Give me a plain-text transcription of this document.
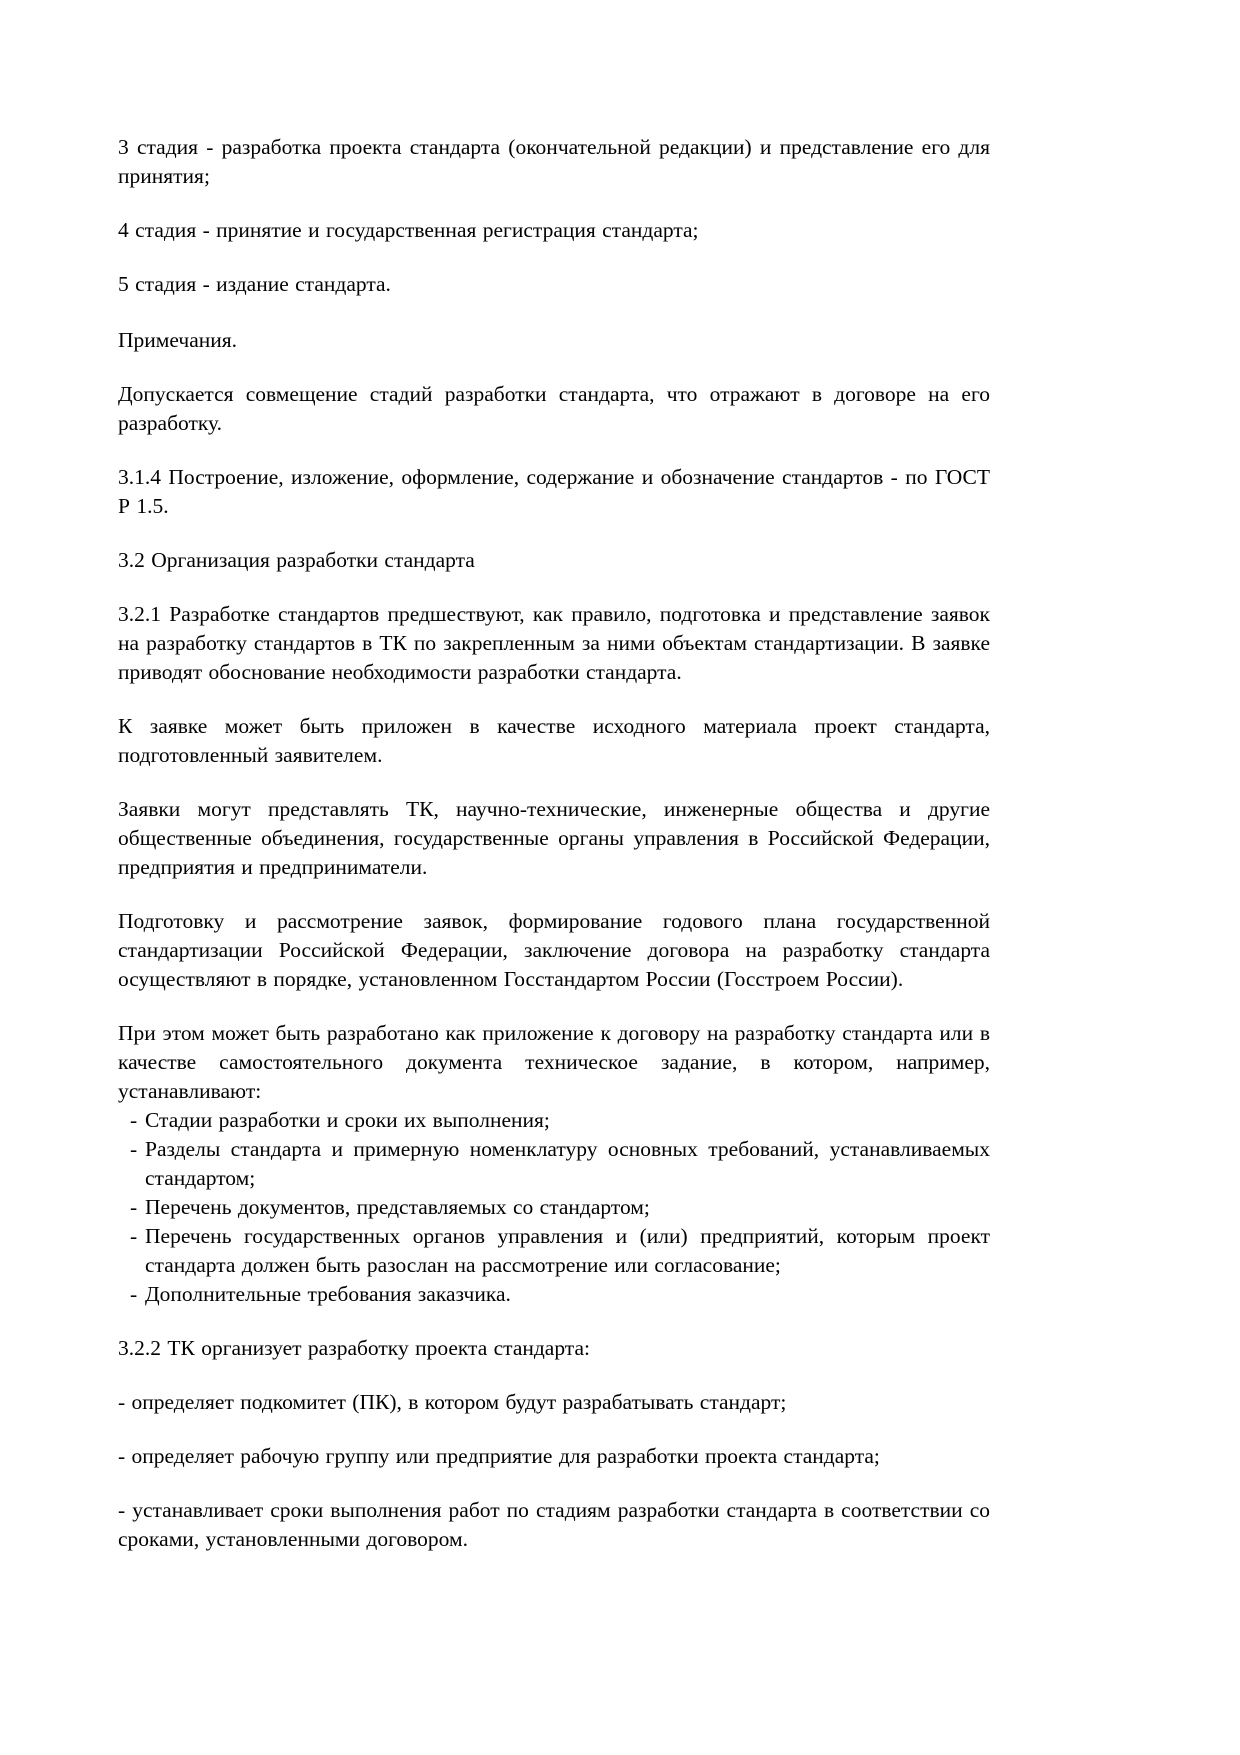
3 стадия - разработка проекта стандарта (окончательной редакции) и представление его для принятия;

4 стадия - принятие и государственная регистрация стандарта;

5 стадия - издание стандарта.

Примечания.

Допускается совмещение стадий разработки стандарта, что отражают в договоре на его разработку.

3.1.4 Построение, изложение, оформление, содержание и обозначение стандартов - по ГОСТ Р 1.5.

3.2 Организация разработки стандарта

3.2.1 Разработке стандартов предшествуют, как правило, подготовка и представление заявок на разработку стандартов в ТК по закрепленным за ними объектам стандартизации. В заявке приводят обоснование необходимости разработки стандарта.

К заявке может быть приложен в качестве исходного материала проект стандарта, подготовленный заявителем.

Заявки могут представлять ТК, научно-технические, инженерные общества и другие общественные объединения, государственные органы управления в Российской Федерации, предприятия и предприниматели.

Подготовку и рассмотрение заявок, формирование годового плана государственной стандартизации Российской Федерации, заключение договора на разработку стандарта осуществляют в порядке, установленном Госстандартом России (Госстроем России).

При этом может быть разработано как приложение к договору на разработку стандарта или в качестве самостоятельного документа техническое задание, в котором, например, устанавливают:

- Стадии разработки и сроки их выполнения;
- Разделы стандарта и примерную номенклатуру основных требований, устанавливаемых стандартом;
- Перечень документов, представляемых со стандартом;
- Перечень государственных органов управления и (или) предприятий, которым проект стандарта должен быть разослан на рассмотрение или согласование;
- Дополнительные требования заказчика.

3.2.2 ТК организует разработку проекта стандарта:

- определяет подкомитет (ПК), в котором будут разрабатывать стандарт;

- определяет рабочую группу или предприятие для разработки проекта стандарта;

- устанавливает сроки выполнения работ по стадиям разработки стандарта в соответствии со сроками, установленными договором.
